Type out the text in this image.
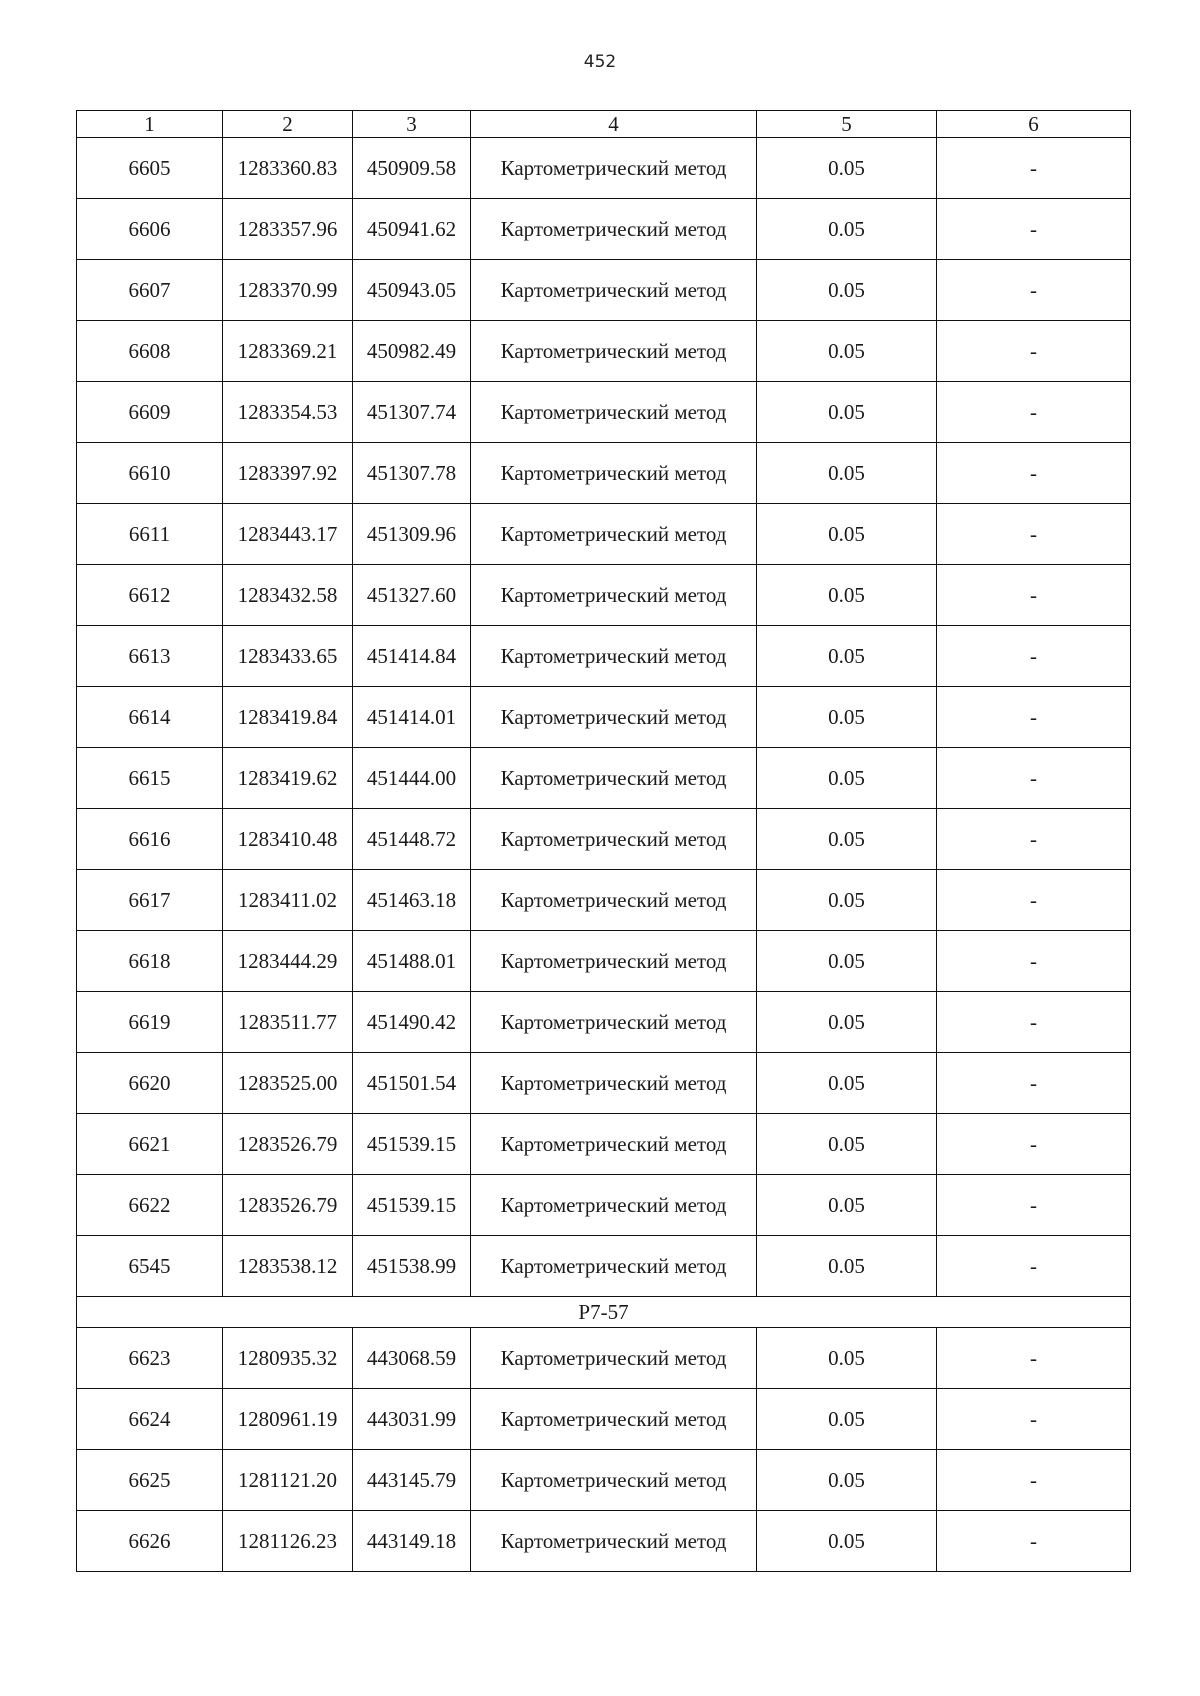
452
1	2	3	4	5	6
6605	1283360.83	450909.58	Картометрический метод	0.05	-
6606	1283357.96	450941.62	Картометрический метод	0.05	-
6607	1283370.99	450943.05	Картометрический метод	0.05	-
6608	1283369.21	450982.49	Картометрический метод	0.05	-
6609	1283354.53	451307.74	Картометрический метод	0.05	-
6610	1283397.92	451307.78	Картометрический метод	0.05	-
6611	1283443.17	451309.96	Картометрический метод	0.05	-
6612	1283432.58	451327.60	Картометрический метод	0.05	-
6613	1283433.65	451414.84	Картометрический метод	0.05	-
6614	1283419.84	451414.01	Картометрический метод	0.05	-
6615	1283419.62	451444.00	Картометрический метод	0.05	-
6616	1283410.48	451448.72	Картометрический метод	0.05	-
6617	1283411.02	451463.18	Картометрический метод	0.05	-
6618	1283444.29	451488.01	Картометрический метод	0.05	-
6619	1283511.77	451490.42	Картометрический метод	0.05	-
6620	1283525.00	451501.54	Картометрический метод	0.05	-
6621	1283526.79	451539.15	Картометрический метод	0.05	-
6622	1283526.79	451539.15	Картометрический метод	0.05	-
6545	1283538.12	451538.99	Картометрический метод	0.05	-
Р7-57					
6623	1280935.32	443068.59	Картометрический метод	0.05	-
6624	1280961.19	443031.99	Картометрический метод	0.05	-
6625	1281121.20	443145.79	Картометрический метод	0.05	-
6626	1281126.23	443149.18	Картометрический метод	0.05	-
